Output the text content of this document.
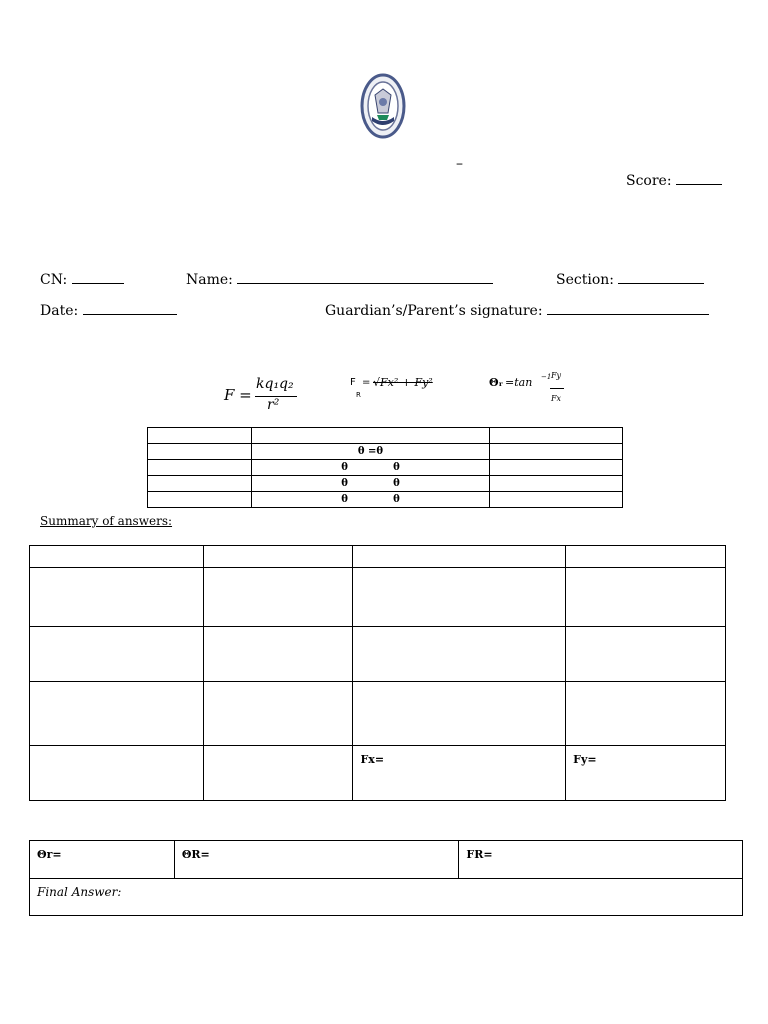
–
Score:
CN:	Name:	Section:
Date:	Guardian’s/Parent’s signature:
F =
kq₁q₂
r²
F
R
= √Fx² + Fy²	Θᵣ =tan −1 Fy
Fx

	θ =θ	
	θ             θ	
	θ             θ	
	θ             θ	
Summary of answers:

		Fx=	Fy=
Θr=	ΘR=	FR=
Final Answer:
